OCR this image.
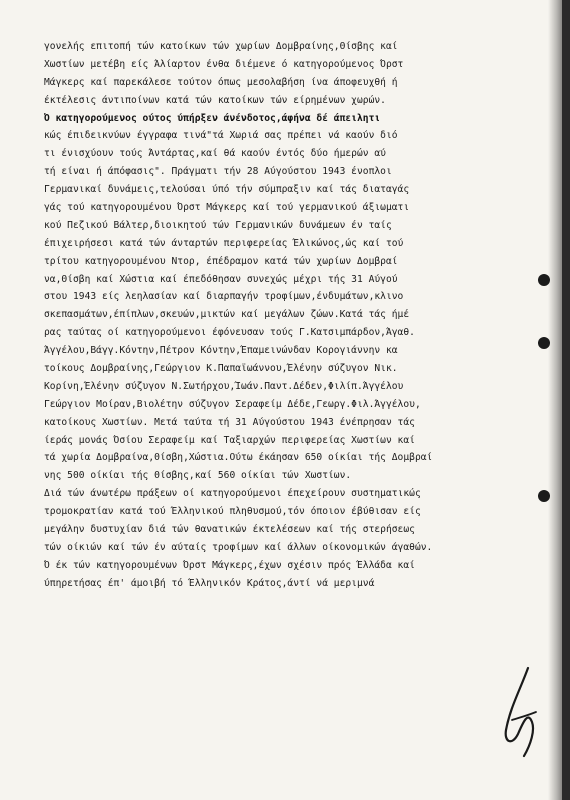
γονελής επιτοπή τών κατοίκων τών χωρίων Δομβραίνης,Θίσβης καί
Χωστίων μετέβη είς Άλίαρτον ένθα διέμενε ό κατηγορούμενος Όρστ
Μάγκερς καί παρεκάλεσε τούτον όπως μεσολαβήση ίνα άποφευχθή ή
έκτέλεσις άντιποίνων κατά τών κατοίκων τών είρημένων χωρών.
Ό κατηγορούμενος ούτος ύπήρξεν άνένδοτος,άφήνα δέ άπειλητι
κώς έπιδεικνύων έγγραφα τινά"τά Χωριά σας πρέπει νά καούν διό
τι ένισχύουν τούς Άντάρτας,καί θά καούν έντός δύο ήμερών αύ
τή είναι ή άπόφασις". Πράγματι τήν 28 Αύγούστου 1943 ένοπλοι
Γερμανικαί δυνάμεις,τελούσαι ύπό τήν σύμπραξιν καί τάς διαταγάς
γάς τού κατηγορουμένου Όρστ Μάγκερς καί τού γερμανικού άξιωματι
κού Πεζικού Βάλτερ,διοικητού τών Γερμανικών δυνάμεων έν ταίς
έπιχειρήσεσι κατά τών άνταρτών περιφερείας Έλικώνος,ώς καί τού
τρίτου κατηγορουμένου Ντορ, έπέδραμον κατά τών χωρίων Δομβραί
να,Θίσβη καί Χώστια καί έπεδόθησαν συνεχώς μέχρι τής 31 Αύγού
στου 1943 είς λεηλασίαν καί διαρπαγήν τροφίμων,ένδυμάτων,κλινο
σκεπασμάτων,έπίπλων,σκευών,μικτών καί μεγάλων ζώων.Κατά τάς ήμέ
ρας ταύτας οί κατηγορούμενοι έφόνευσαν τούς Γ.Κατσιμπάρδον,Άγαθ.
Άγγέλου,Βάγγ.Κόντην,Πέτρον Κόντην,Έπαμεινώνδαν Κορογιάννην κα
τοίκους Δομβραίνης,Γεώργιον Κ.Παπαϊωάννου,Έλένην σύζυγον Νικ.
Κορίνη,Έλένην σύζυγον Ν.Σωτήρχου,Ίωάν.Παντ.Δέδεν,Φιλίπ.Άγγέλου
Γεώργιον Μοίραν,Βιολέτην σύζυγον Σεραφείμ Δέδε,Γεωργ.Φιλ.Άγγέλου,
κατοίκους Χωστίων. Μετά ταύτα τή 31 Αύγούστου 1943 ένέπρησαν τάς
ίεράς μονάς Όσίου Σεραφείμ καί Ταξιαρχών περιφερείας Χωστίων καί
τά χωρία Δομβραίνα,Θίσβη,Χώστια.Ούτω έκάησαν 650 οίκίαι τής Δομβραί
νης 500 οίκίαι τής Θίσβης,καί 560 οίκίαι τών Χωστίων.
Διά τών άνωτέρω πράξεων οί κατηγορούμενοι έπεχείρουν συστηματικώς
τρομοκρατίαν κατά τού Έλληνικού πληθυσμού,τόν όποιον έβύθισαν είς
μεγάλην δυστυχίαν διά τών θανατικών έκτελέσεων καί τής στερήσεως
τών οίκιών καί τών έν αύταίς τροφίμων καί άλλων οίκονομικών άγαθών.
Ό έκ τών κατηγορουμένων Όρστ Μάγκερς,έχων σχέσιν πρός Έλλάδα καί
ύπηρετήσας έπ' άμοιβή τό Έλληνικόν Κράτος,άντί νά μεριμνά
